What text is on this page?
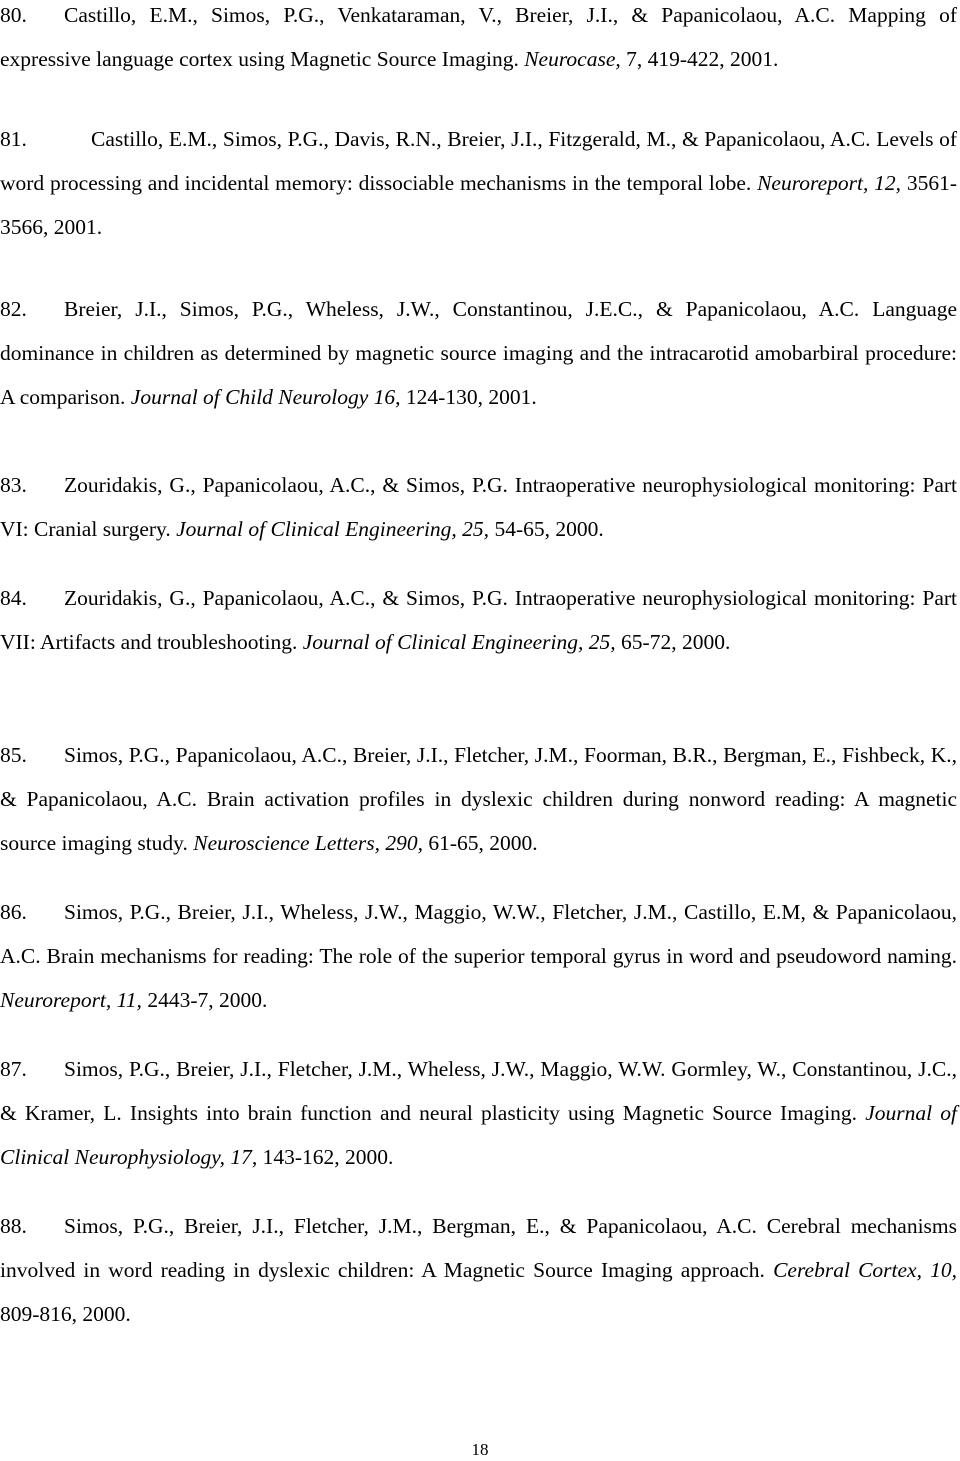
80. Castillo, E.M., Simos, P.G., Venkataraman, V., Breier, J.I., & Papanicolaou, A.C. Mapping of expressive language cortex using Magnetic Source Imaging. Neurocase, 7, 419-422, 2001.

81.	Castillo, E.M., Simos, P.G., Davis, R.N., Breier, J.I., Fitzgerald, M., & Papanicolaou, A.C. Levels of word processing and incidental memory: dissociable mechanisms in the temporal lobe. Neuroreport, 12, 3561-3566, 2001.

82. Breier, J.I., Simos, P.G., Wheless, J.W., Constantinou, J.E.C., & Papanicolaou, A.C. Language dominance in children as determined by magnetic source imaging and the intracarotid amobarbiral procedure: A comparison. Journal of Child Neurology 16, 124-130, 2001.

83. Zouridakis, G., Papanicolaou, A.C., & Simos, P.G. Intraoperative neurophysiological monitoring: Part VI: Cranial surgery. Journal of Clinical Engineering, 25, 54-65, 2000.

84. Zouridakis, G., Papanicolaou, A.C., & Simos, P.G. Intraoperative neurophysiological monitoring: Part VII: Artifacts and troubleshooting. Journal of Clinical Engineering, 25, 65-72, 2000.

85. Simos, P.G., Papanicolaou, A.C., Breier, J.I., Fletcher, J.M., Foorman, B.R., Bergman, E., Fishbeck, K., & Papanicolaou, A.C. Brain activation profiles in dyslexic children during nonword reading: A magnetic source imaging study. Neuroscience Letters, 290, 61-65, 2000.

86. Simos, P.G., Breier, J.I., Wheless, J.W., Maggio, W.W., Fletcher, J.M., Castillo, E.M, & Papanicolaou, A.C. Brain mechanisms for reading: The role of the superior temporal gyrus in word and pseudoword naming. Neuroreport, 11, 2443-7, 2000.

87. Simos, P.G., Breier, J.I., Fletcher, J.M., Wheless, J.W., Maggio, W.W. Gormley, W., Constantinou, J.C., & Kramer, L. Insights into brain function and neural plasticity using Magnetic Source Imaging. Journal of Clinical Neurophysiology, 17, 143-162, 2000.

88. Simos, P.G., Breier, J.I., Fletcher, J.M., Bergman, E., & Papanicolaou, A.C. Cerebral mechanisms involved in word reading in dyslexic children: A Magnetic Source Imaging approach. Cerebral Cortex, 10, 809-816, 2000.

18
